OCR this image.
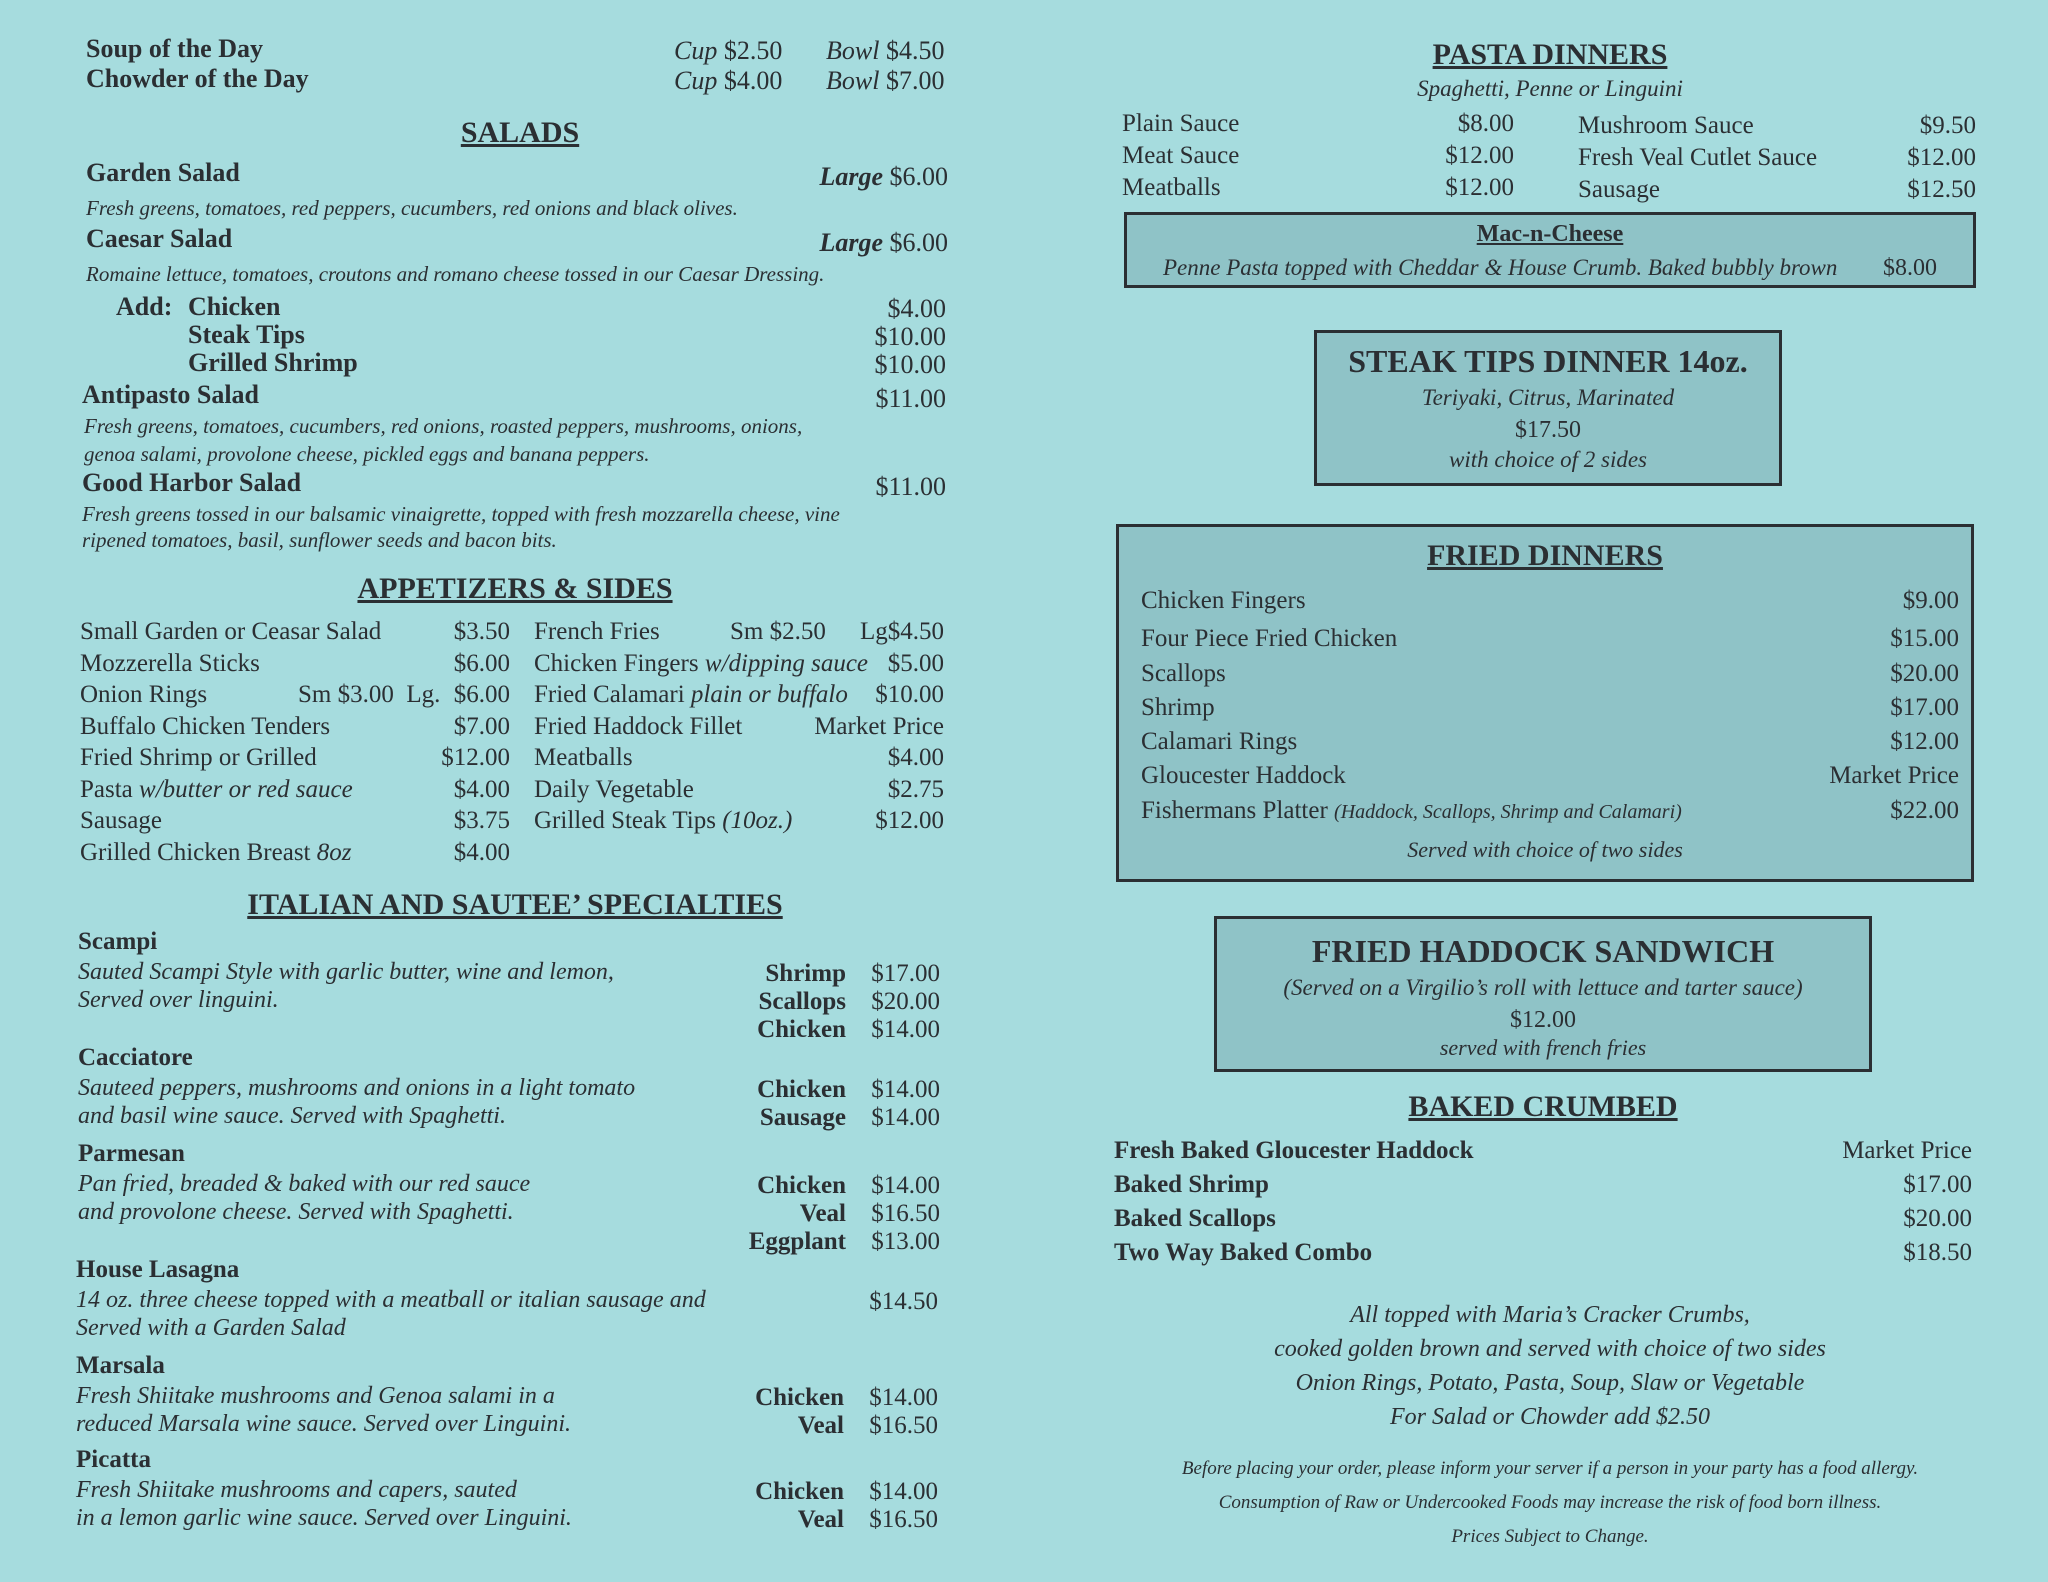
Soup of the Day	Cup $2.50 Bowl $4.50
Chowder of the Day	Cup $4.00 Bowl $7.00
SALADS
Garden Salad	Large $6.00
Fresh greens, tomatoes, red peppers, cucumbers, red onions and black olives.
Caesar Salad	Large $6.00
Romaine lettuce, tomatoes, croutons and romano cheese tossed in our Caesar Dressing.
Add: Chicken	$4.00
Steak Tips	$10.00
Grilled Shrimp	$10.00
Antipasto Salad	$11.00
Fresh greens, tomatoes, cucumbers, red onions, roasted peppers, mushrooms, onions,
genoa salami, provolone cheese, pickled eggs and banana peppers.
Good Harbor Salad	$11.00
Fresh greens tossed in our balsamic vinaigrette, topped with fresh mozzarella cheese, vine
ripened tomatoes, basil, sunflower seeds and bacon bits.
APPETIZERS & SIDES
Small Garden or Ceasar Salad	$3.50
Mozzerella Sticks	$6.00
Onion Rings	Sm $3.00  Lg. $6.00
Buffalo Chicken Tenders	$7.00
Fried Shrimp or Grilled	$12.00
Pasta w/butter or red sauce	$4.00
Sausage	$3.75
Grilled Chicken Breast 8oz	$4.00
French Fries	Sm $2.50	Lg$4.50
Chicken Fingers w/dipping sauce $5.00
Fried Calamari plain or buffalo $10.00
Fried Haddock Fillet	Market Price
Meatballs	$4.00
Daily Vegetable	$2.75
Grilled Steak Tips (10oz.)	$12.00
ITALIAN AND SAUTEE’ SPECIALTIES
Scampi
Sauted Scampi Style with garlic butter, wine and lemon,
Served over linguini.
Shrimp	$17.00
Scallops	$20.00
Chicken	$14.00
Cacciatore
Sauteed peppers, mushrooms and onions in a light tomato
and basil wine sauce. Served with Spaghetti.
Chicken	$14.00
Sausage	$14.00
Parmesan
Pan fried, breaded & baked with our red sauce
and provolone cheese. Served with Spaghetti.
Chicken	$14.00
Veal	$16.50
Eggplant	$13.00
House Lasagna
14 oz. three cheese topped with a meatball or italian sausage and
Served with a Garden Salad
$14.50
Marsala
Fresh Shiitake mushrooms and Genoa salami in a
reduced Marsala wine sauce. Served over Linguini.
Chicken	$14.00
Veal	$16.50
Picatta
Fresh Shiitake mushrooms and capers, sauted
in a lemon garlic wine sauce. Served over Linguini.
Chicken	$14.00
Veal	$16.50
PASTA DINNERS
Spaghetti, Penne or Linguini
Plain Sauce	$8.00
Meat Sauce	$12.00
Meatballs	$12.00
Mushroom Sauce	$9.50
Fresh Veal Cutlet Sauce	$12.00
Sausage	$12.50
Mac-n-Cheese
Penne Pasta topped with Cheddar & House Crumb. Baked bubbly brown $8.00
STEAK TIPS DINNER 14oz.
Teriyaki, Citrus, Marinated
$17.50
with choice of 2 sides
FRIED DINNERS
Chicken Fingers	$9.00
Four Piece Fried Chicken	$15.00
Scallops	$20.00
Shrimp	$17.00
Calamari Rings	$12.00
Gloucester Haddock	Market Price
Fishermans Platter (Haddock, Scallops, Shrimp and Calamari)	$22.00
Served with choice of two sides
FRIED HADDOCK SANDWICH
(Served on a Virgilio’s roll with lettuce and tarter sauce)
$12.00
served with french fries
BAKED CRUMBED
Fresh Baked Gloucester Haddock	Market Price
Baked Shrimp	$17.00
Baked Scallops	$20.00
Two Way Baked Combo	$18.50
All topped with Maria’s Cracker Crumbs,
cooked golden brown and served with choice of two sides
Onion Rings, Potato, Pasta, Soup, Slaw or Vegetable
For Salad or Chowder add $2.50
Before placing your order, please inform your server if a person in your party has a food allergy.
Consumption of Raw or Undercooked Foods may increase the risk of food born illness.
Prices Subject to Change.
